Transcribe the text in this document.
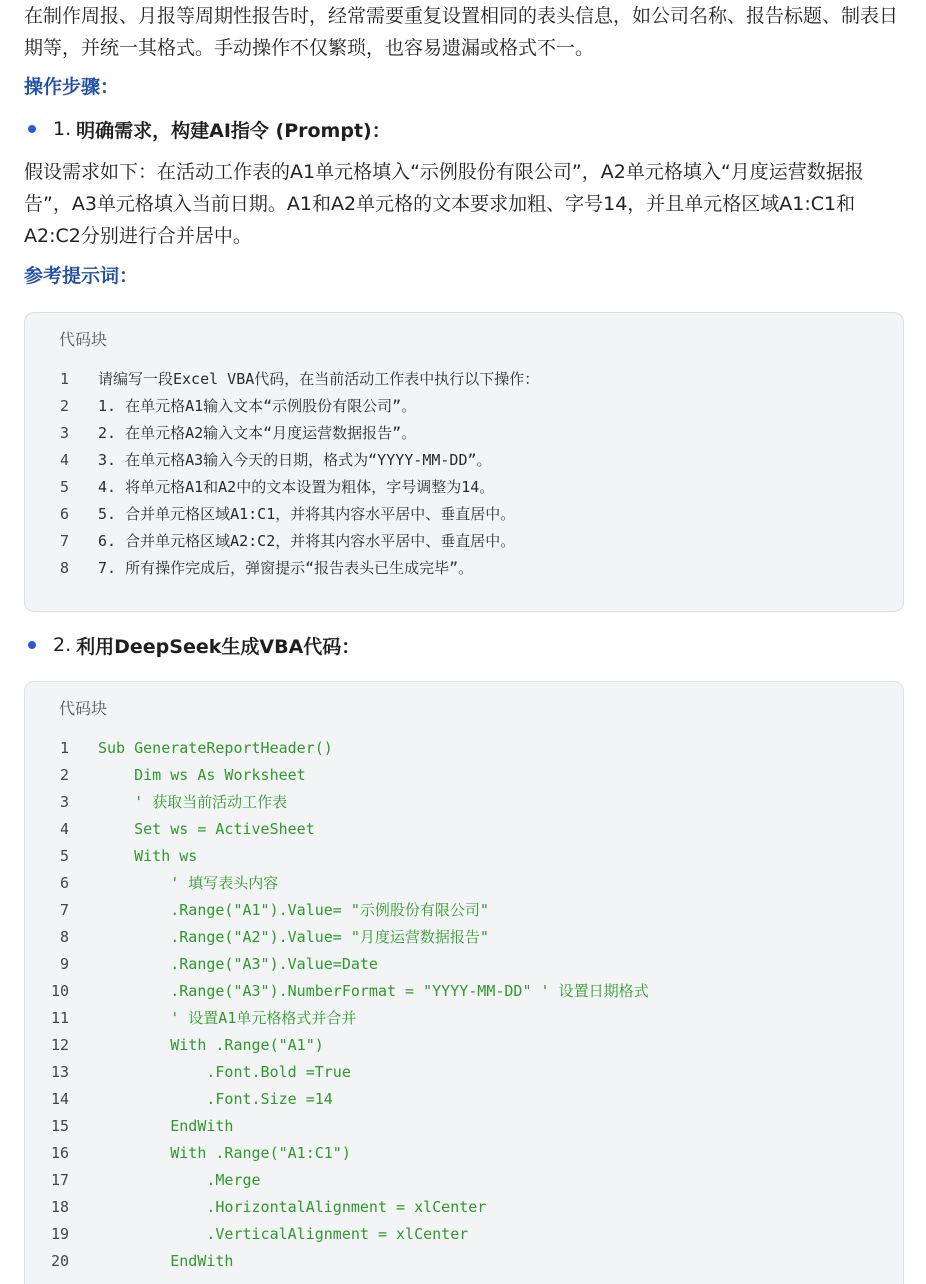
在制作周报、月报等周期性报告时，经常需要重复设置相同的表头信息，如公司名称、报告标题、制表日期等，并统一其格式。手动操作不仅繁琐，也容易遗漏或格式不一。

操作步骤：

1. 明确需求，构建AI指令 (Prompt)：

假设需求如下：在活动工作表的A1单元格填入“示例股份有限公司”，A2单元格填入“月度运营数据报告”，A3单元格填入当前日期。A1和A2单元格的文本要求加粗、字号14，并且单元格区域A1:C1和A2:C2分别进行合并居中。

参考提示词：

代码块
1 请编写一段Excel VBA代码，在当前活动工作表中执行以下操作：
2 1. 在单元格A1输入文本“示例股份有限公司”。
3 2. 在单元格A2输入文本“月度运营数据报告”。
4 3. 在单元格A3输入今天的日期，格式为“YYYY-MM-DD”。
5 4. 将单元格A1和A2中的文本设置为粗体，字号调整为14。
6 5. 合并单元格区域A1:C1，并将其内容水平居中、垂直居中。
7 6. 合并单元格区域A2:C2，并将其内容水平居中、垂直居中。
8 7. 所有操作完成后，弹窗提示“报告表头已生成完毕”。
2. 利用DeepSeek生成VBA代码：
代码块
1 Sub GenerateReportHeader()
2 Dim ws As Worksheet
3 ' 获取当前活动工作表
4 Set ws = ActiveSheet
5 With ws
6 ' 填写表头内容
7 .Range("A1").Value= "示例股份有限公司"
8 .Range("A2").Value= "月度运营数据报告"
9 .Range("A3").Value=Date
10 .Range("A3").NumberFormat = "YYYY-MM-DD" ' 设置日期格式
11 ' 设置A1单元格格式并合并
12 With .Range("A1")
13 .Font.Bold =True
14 .Font.Size =14
15 EndWith
16 With .Range("A1:C1")
17 .Merge
18 .HorizontalAlignment = xlCenter
19 .VerticalAlignment = xlCenter
20 EndWith
